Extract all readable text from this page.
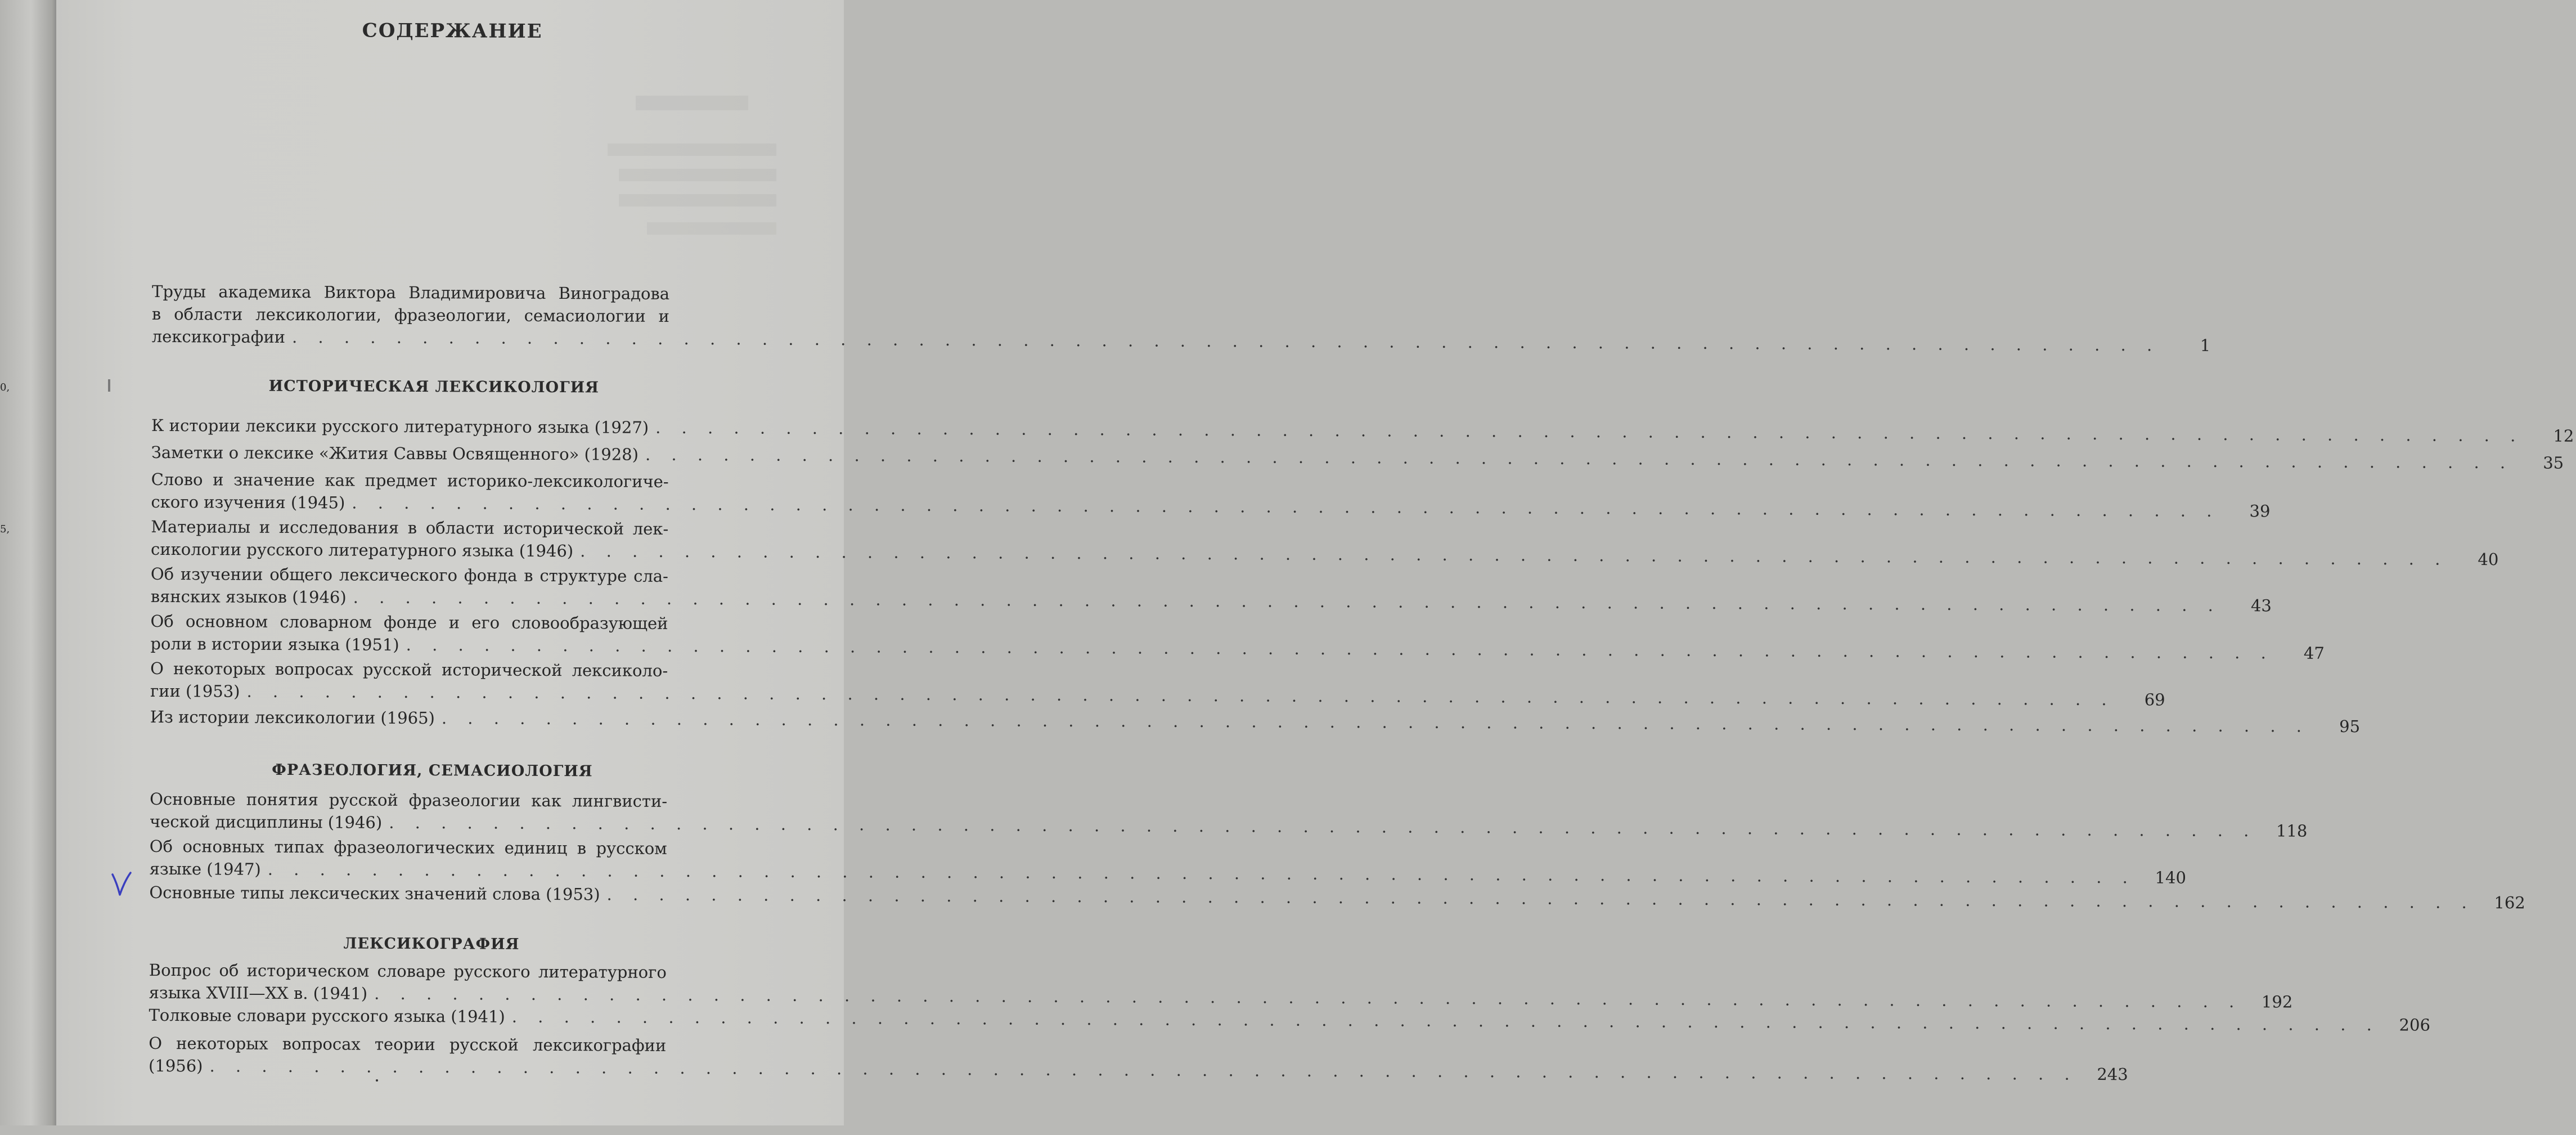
0,
5,
СОДЕРЖАНИЕ
Труды академика Виктора Владимировича Виноградова
в области лексикологии, фразеологии, семасиологии и
лексикографии . . .	1
ИСТОРИЧЕСКАЯ ЛЕКСИКОЛОГИЯ
К истории лексики русского литературного языка (1927) . . .	12
Заметки о лексике «Жития Саввы Освященного» (1928) . . .	35
Слово и значение как предмет историко-лексикологиче-
ского изучения (1945) . . .	39
Материалы и исследования в области исторической лек-
сикологии русского литературного языка (1946) . . .	40
Об изучении общего лексического фонда в структуре сла-
вянских языков (1946) . . .	43
Об основном словарном фонде и его словообразующей
роли в истории языка (1951) . . .	47
О некоторых вопросах русской исторической лексиколо-
гии (1953) . . .	69
Из истории лексикологии (1965) . . .	95
ФРАЗЕОЛОГИЯ, СЕМАСИОЛОГИЯ
Основные понятия русской фразеологии как лингвисти-
ческой дисциплины (1946) . . .	118
Об основных типах фразеологических единиц в русском
языке (1947) . . .	140
Основные типы лексических значений слова (1953) . . .	162
ЛЕКСИКОГРАФИЯ
Вопрос об историческом словаре русского литературного
языка XVIII—XX в. (1941) . . .	192
Толковые словари русского языка (1941) . . .	206
О некоторых вопросах теории русской лексикографии
(1956) . . .	243
